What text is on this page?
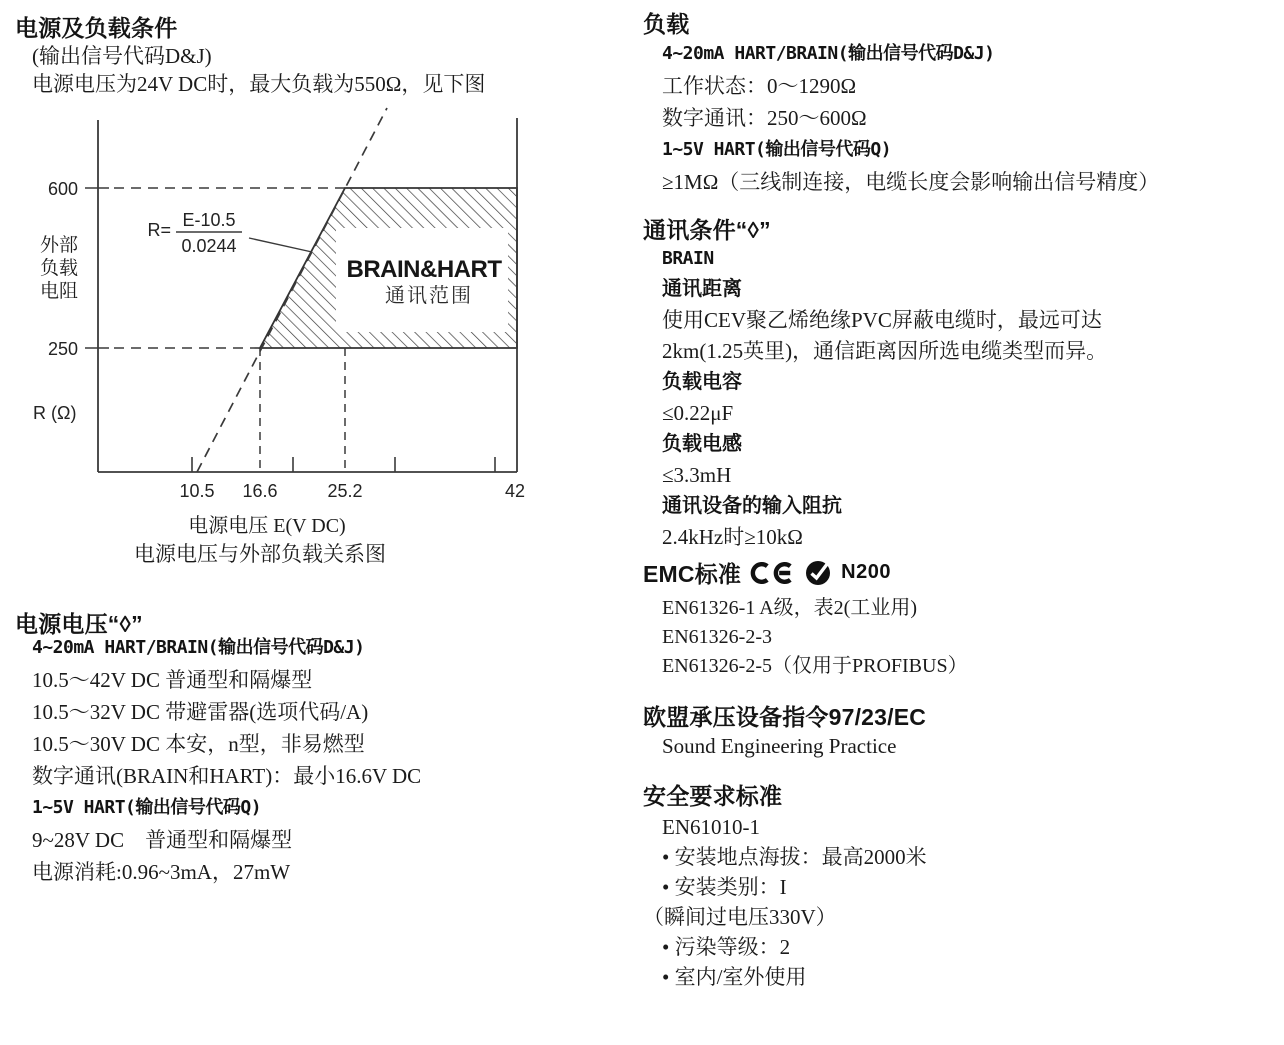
电源及负载条件
(输出信号代码D&J)
电源电压为24V DC时，最大负载为550Ω，见下图
BRAIN&HART
通讯范围
600
250
外部
负载
电阻
R (Ω)
R= E-10.5
0.0244
10.5 16.6	25.2	42
电源电压 E(V DC)
电源电压与外部负载关系图
电源电压“◊”
4~20mA HART/BRAIN(输出信号代码D&J)
10.5～42V DC 普通型和隔爆型
10.5～32V DC 带避雷器(选项代码/A)
10.5～30V DC 本安，n型，非易燃型
数字通讯(BRAIN和HART)：最小16.6V DC
1~5V HART(输出信号代码Q)
9~28V DC　普通型和隔爆型
电源消耗:0.96~3mA，27mW
负载
4~20mA HART/BRAIN(输出信号代码D&J)
工作状态：0～1290Ω
数字通讯：250～600Ω
1~5V HART(输出信号代码Q)
≥1MΩ（三线制连接，电缆长度会影响输出信号精度）
通讯条件“◊”
BRAIN
通讯距离
使用CEV聚乙烯绝缘PVC屏蔽电缆时，最远可达
2km(1.25英里)，通信距离因所选电缆类型而异。
负载电容
≤0.22μF
负载电感
≤3.3mH
通讯设备的输入阻抗
2.4kHz时≥10kΩ
EMC标准	N200
EN61326-1 A级，表2(工业用)
EN61326-2-3
EN61326-2-5（仅用于PROFIBUS）
欧盟承压设备指令97/23/EC
Sound Engineering Practice
安全要求标准
EN61010-1
• 安装地点海拔：最高2000米
• 安装类别：I
（瞬间过电压330V）
• 污染等级：2
• 室内/室外使用
